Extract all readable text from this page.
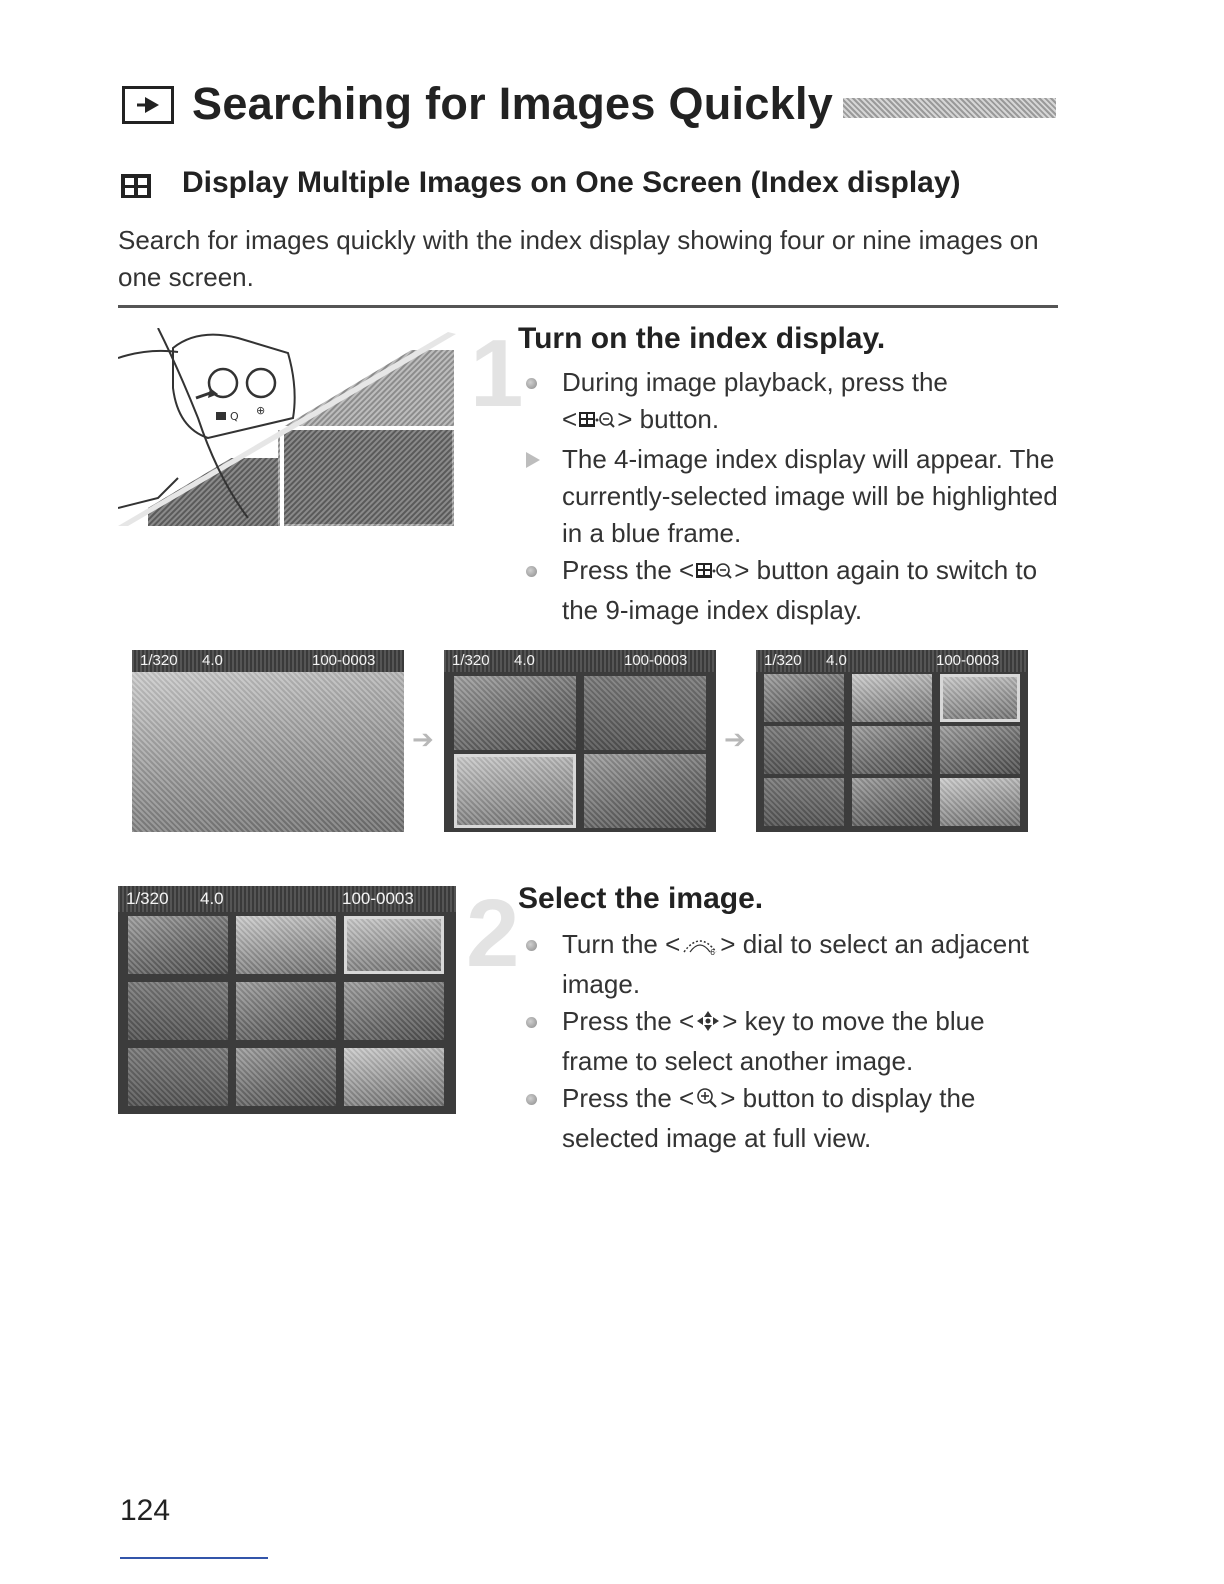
Searching for Images Quickly
Display Multiple Images on One Screen (Index display)
Search for images quickly with the index display showing four or nine images on one screen.
Q ⊕ 1
Turn on the index display.
During image playback, press the
< > button.
The 4-image index display will appear. The currently-selected image will be highlighted in a blue frame.
Press the < > button again to switch to the 9-image index display.
1/320 4.0	100-0003
➔
1/320 4.0	100-0003
➔
1/320 4.0	100-0003
1/320 4.0	100-0003 2
Select the image.
Turn the <	6 > dial to select an adjacent image.
Press the < > key to move the blue frame to select another image.
Press the < > button to display the selected image at full view.
124
